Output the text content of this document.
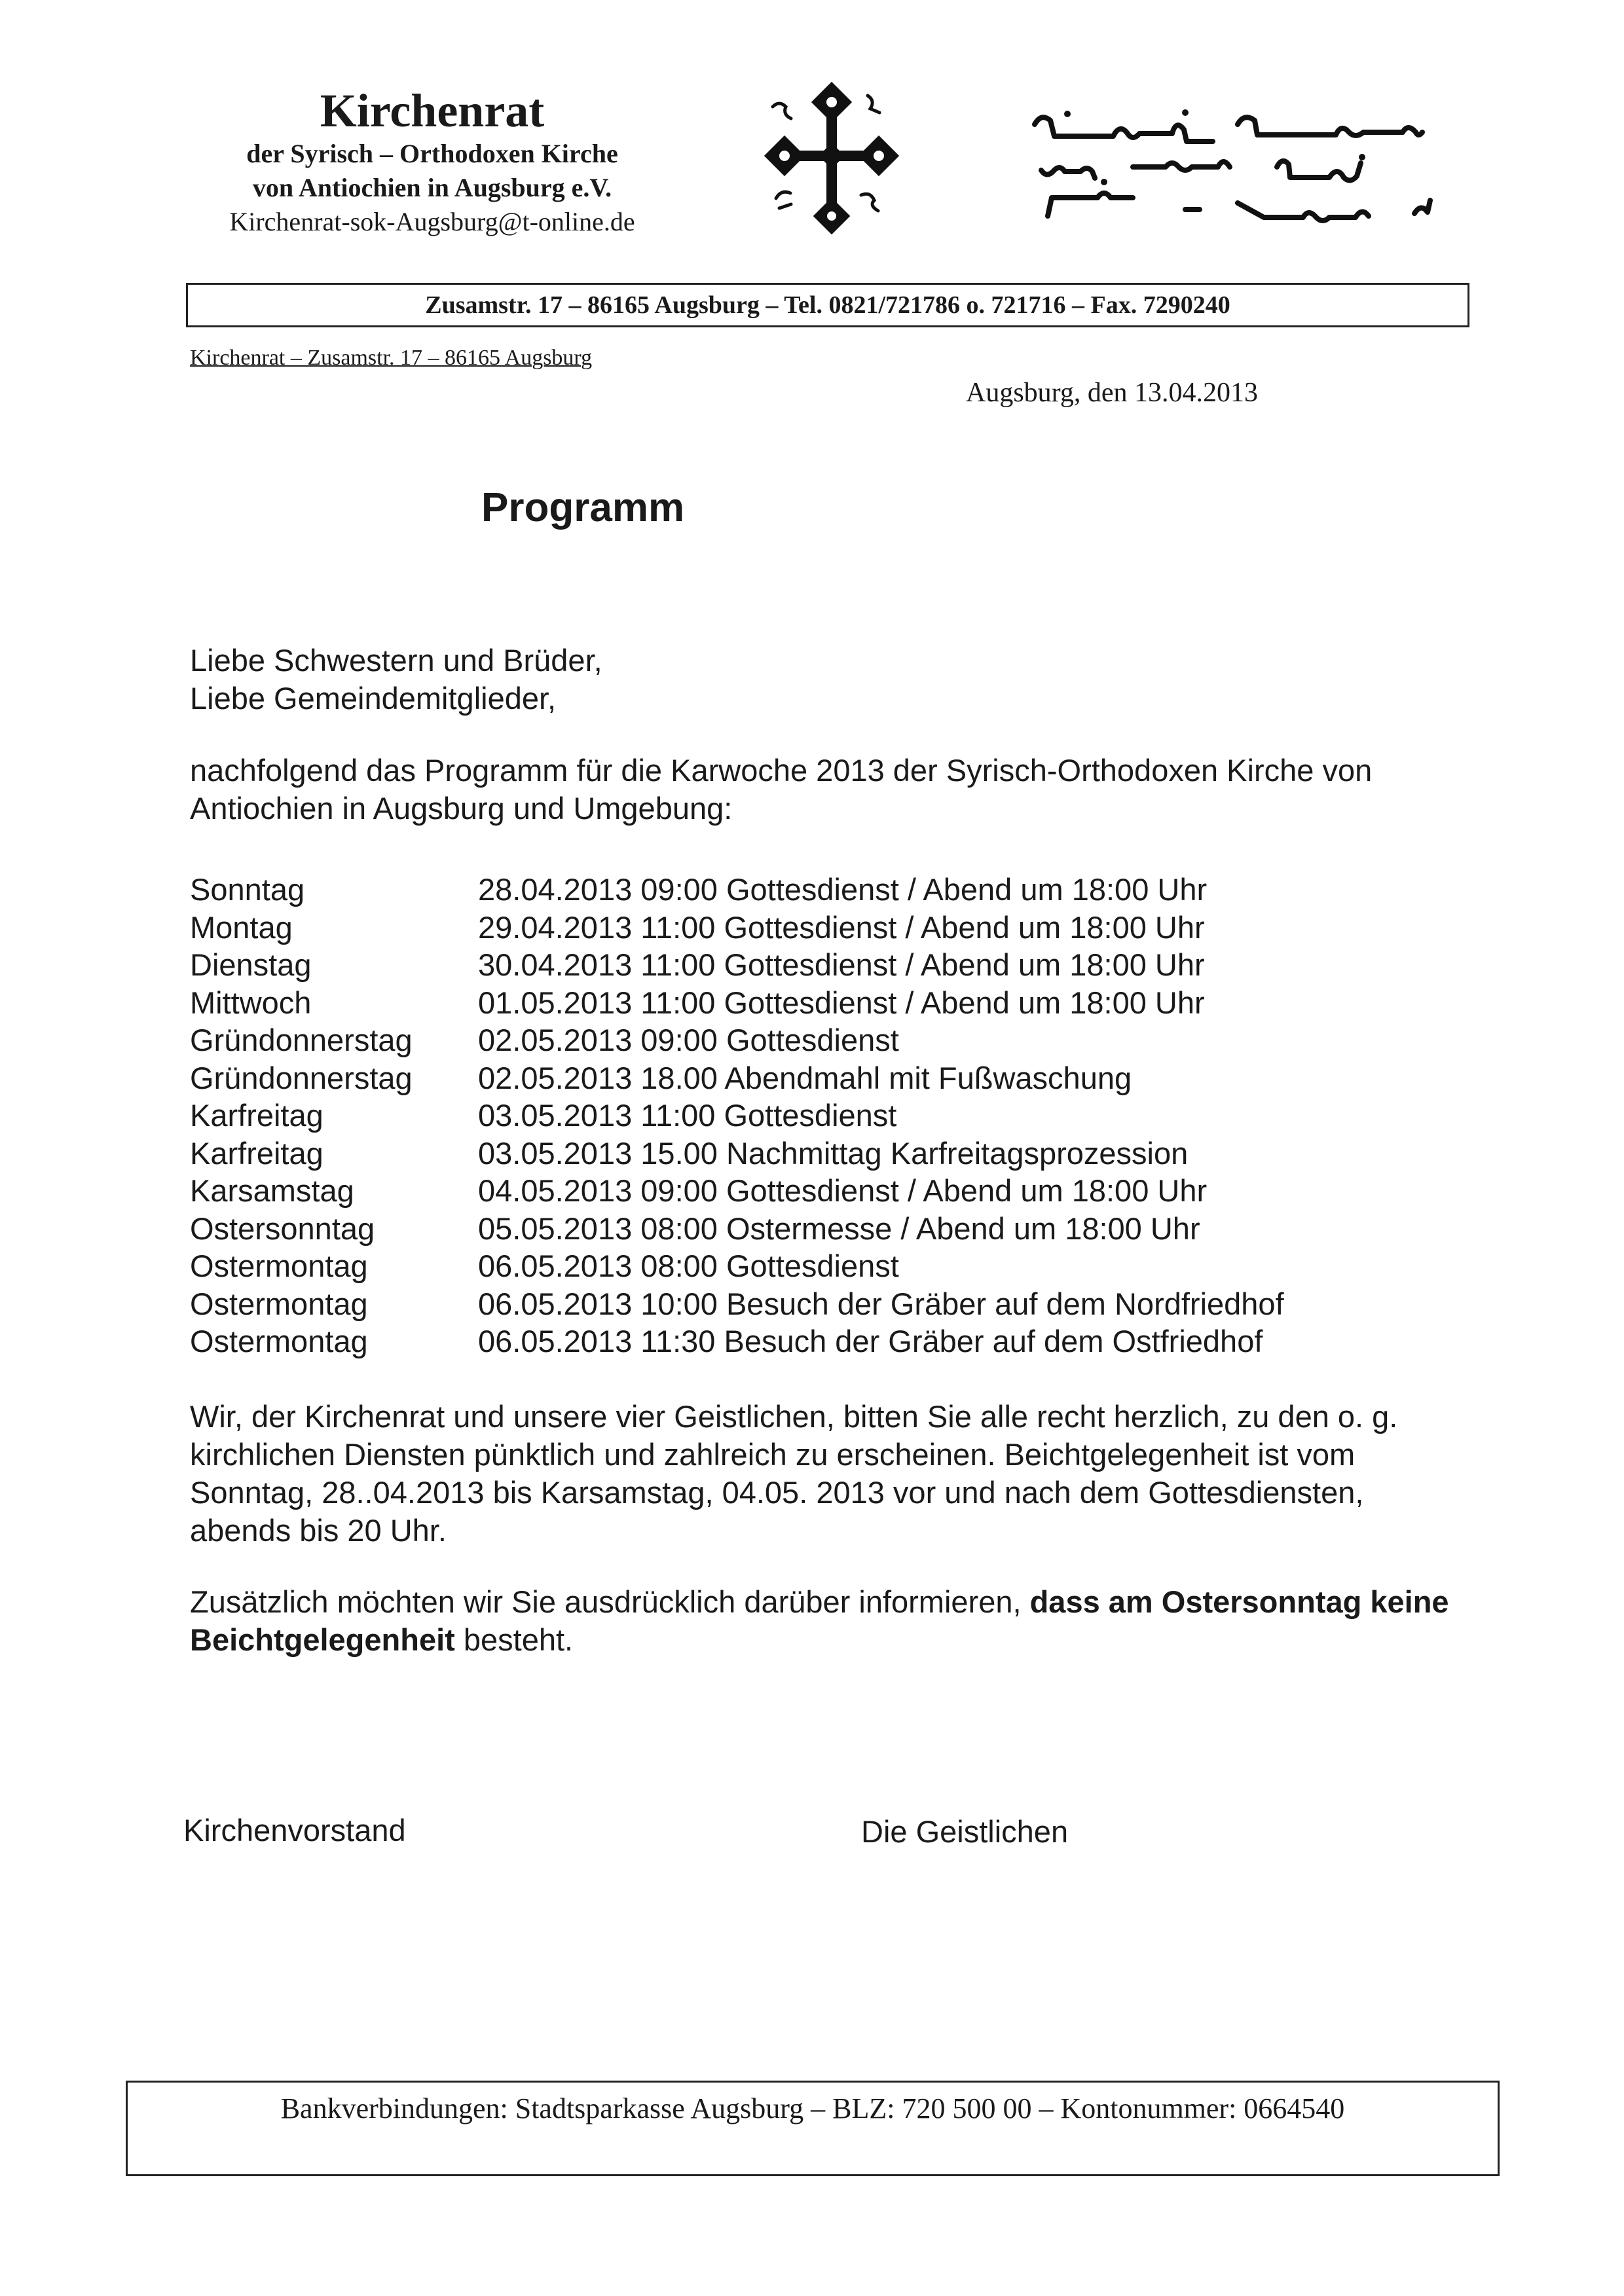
Kirchenrat
der Syrisch – Orthodoxen Kirche
von Antiochien in Augsburg e.V.
Kirchenrat-sok-Augsburg@t-online.de
Zusamstr. 17 – 86165 Augsburg – Tel. 0821/721786 o. 721716 – Fax. 7290240
Kirchenrat – Zusamstr. 17 – 86165 Augsburg
Augsburg, den 13.04.2013
Programm
Liebe Schwestern und Brüder,
Liebe Gemeindemitglieder,
nachfolgend das Programm für die Karwoche 2013 der Syrisch-Orthodoxen Kirche von Antiochien in Augsburg und Umgebung:
Sonntag	28.04.2013 09:00 Gottesdienst / Abend um 18:00 Uhr
Montag	29.04.2013 11:00 Gottesdienst / Abend um 18:00 Uhr
Dienstag	30.04.2013 11:00 Gottesdienst / Abend um 18:00 Uhr
Mittwoch	01.05.2013 11:00 Gottesdienst / Abend um 18:00 Uhr
Gründonnerstag	02.05.2013 09:00 Gottesdienst
Gründonnerstag	02.05.2013 18.00 Abendmahl mit Fußwaschung
Karfreitag	03.05.2013 11:00 Gottesdienst
Karfreitag	03.05.2013 15.00 Nachmittag Karfreitagsprozession
Karsamstag	04.05.2013 09:00 Gottesdienst / Abend um 18:00 Uhr
Ostersonntag	05.05.2013 08:00 Ostermesse / Abend um 18:00 Uhr
Ostermontag	06.05.2013 08:00 Gottesdienst
Ostermontag	06.05.2013 10:00 Besuch der Gräber auf dem Nordfriedhof
Ostermontag	06.05.2013 11:30 Besuch der Gräber auf dem Ostfriedhof
Wir, der Kirchenrat und unsere vier Geistlichen, bitten Sie alle recht herzlich, zu den o. g. kirchlichen Diensten pünktlich und zahlreich zu erscheinen. Beichtgelegenheit ist vom Sonntag, 28..04.2013 bis Karsamstag, 04.05. 2013 vor und nach dem Gottesdiensten, abends bis 20 Uhr.
Zusätzlich möchten wir Sie ausdrücklich darüber informieren, dass am Ostersonntag keine Beichtgelegenheit besteht.
Kirchenvorstand	Die Geistlichen
Bankverbindungen: Stadtsparkasse Augsburg – BLZ: 720 500 00 – Kontonummer: 0664540
